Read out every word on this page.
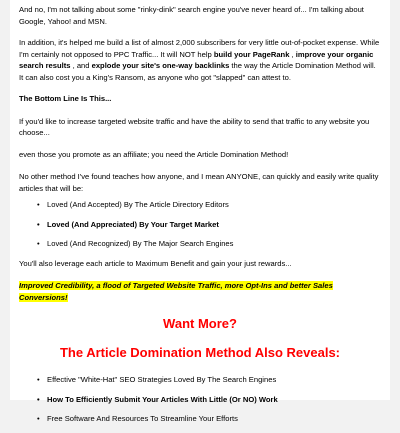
And no, I'm not talking about some "rinky-dink" search engine you've never heard of... I'm talking about Google, Yahoo! and MSN.

In addition, it's helped me build a list of almost 2,000 subscribers for very little out-of-pocket expense. While I'm certainly not opposed to PPC Traffic... It will NOT help build your PageRank , improve your organic search results , and explode your site's one-way backlinks the way the Article Domination Method will. It can also cost you a King's Ransom, as anyone who got "slapped" can attest to.

The Bottom Line Is This...

If you'd like to increase targeted website traffic and have the ability to send that traffic to any website you choose...

even those you promote as an affiliate; you need the Article Domination Method!

No other method I've found teaches how anyone, and I mean ANYONE, can quickly and easily write quality articles that will be:

• Loved (And Accepted) By The Article Directory Editors
• Loved (And Appreciated) By Your Target Market
• Loved (And Recognized) By The Major Search Engines

You'll also leverage each article to Maximum Benefit and gain your just rewards...

Improved Credibility, a flood of Targeted Website Traffic, more Opt-Ins and better Sales Conversions!

Want More?

The Article Domination Method Also Reveals:

• Effective "White-Hat" SEO Strategies Loved By The Search Engines
• How To Efficiently Submit Your Articles With Little (Or NO) Work
• Free Software And Resources To Streamline Your Efforts
